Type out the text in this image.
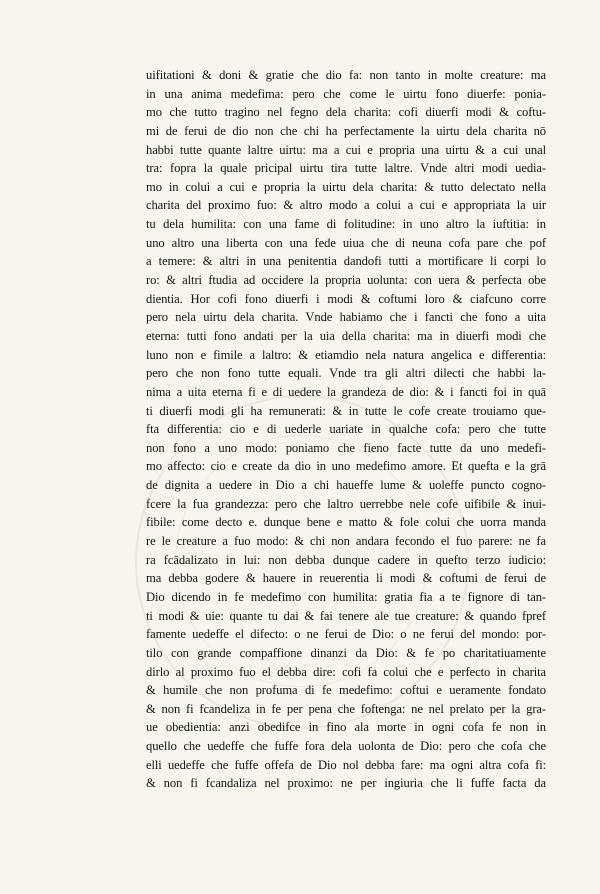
uifitationi & doni & gratie che dio fa: non tanto in molte creature: ma
in una anima medefima: pero che come le uirtu fono diuerfe: ponia-
mo che tutto tragino nel fegno dela charita: cofi diuerfi modi & coftu-
mi de ferui de dio non che chi ha perfectamente la uirtu dela charita nō
habbi tutte quante laltre uirtu: ma a cui e propria una uirtu & a cui unal
tra: fopra la quale pricipal uirtu tira tutte laltre. Vnde altri modi uedia-
mo in colui a cui e propria la uirtu dela charita: & tutto delectato nella
charita del proximo fuo: & altro modo a colui a cui e appropriata la uir
tu dela humilita: con una fame di folitudine: in uno altro la iuftitia: in
uno altro una liberta con una fede uiua che di neuna cofa pare che pof
a temere: & altri in una penitentia dandofi tutti a mortificare li corpi lo
ro: & altri ftudia ad occidere la propria uolunta: con uera & perfecta obe
dientia. Hor cofi fono diuerfi i modi & coftumi loro & ciafcuno corre
pero nela uirtu dela charita. Vnde habiamo che i fancti che fono a uita
eterna: tutti fono andati per la uia della charita: ma in diuerfi modi che
luno non e fimile a laltro: & etiamdio nela natura angelica e differentia:
pero che non fono tutte equali. Vnde tra gli altri dilecti che habbi la-
nima a uita eterna fi e di uedere la grandeza de dio: & i fancti foi in quā
ti diuerfi modi gli ha remunerati: & in tutte le cofe create trouiamo que-
fta differentia: cio e di uederle uariate in qualche cofa: pero che tutte
non fono a uno modo: poniamo che fieno facte tutte da uno medefi-
mo affecto: cio e create da dio in uno medefimo amore. Et quefta e la grā
de dignita a uedere in Dio a chi haueffe lume & uoleffe puncto cogno-
fcere la fua grandezza: pero che laltro uerrebbe nele cofe uifibile & inui-
fibile: come decto e. dunque bene e matto & fole colui che uorra manda
re le creature a fuo modo: & chi non andara fecondo el fuo parere: ne fa
ra fcādalizato in lui: non debba dunque cadere in quefto terzo iudicio:
ma debba godere & hauere in reuerentia li modi & coftumi de ferui de
Dio dicendo in fe medefimo con humilita: gratia fia a te fignore di tan-
ti modi & uie: quante tu dai & fai tenere ale tue creature: & quando fpref
famente uedeffe el difecto: o ne ferui de Dio: o ne ferui del mondo: por-
tilo con grande compaffione dinanzi da Dio: & fe po charitatiuamente
dirlo al proximo fuo el debba dire: cofi fa colui che e perfecto in charita
& humile che non profuma di fe medefimo: coftui e ueramente fondato
& non fi fcandeliza in fe per pena che foftenga: ne nel prelato per la gra-
ue obedientia: anzi obedifce in fino ala morte in ogni cofa fe non in
quello che uedeffe che fuffe fora dela uolonta de Dio: pero che cofa che
elli uedeffe che fuffe offefa de Dio nol debba fare: ma ogni altra cofa fi:
& non fi fcandaliza nel proximo: ne per ingiuria che li fuffe facta da
